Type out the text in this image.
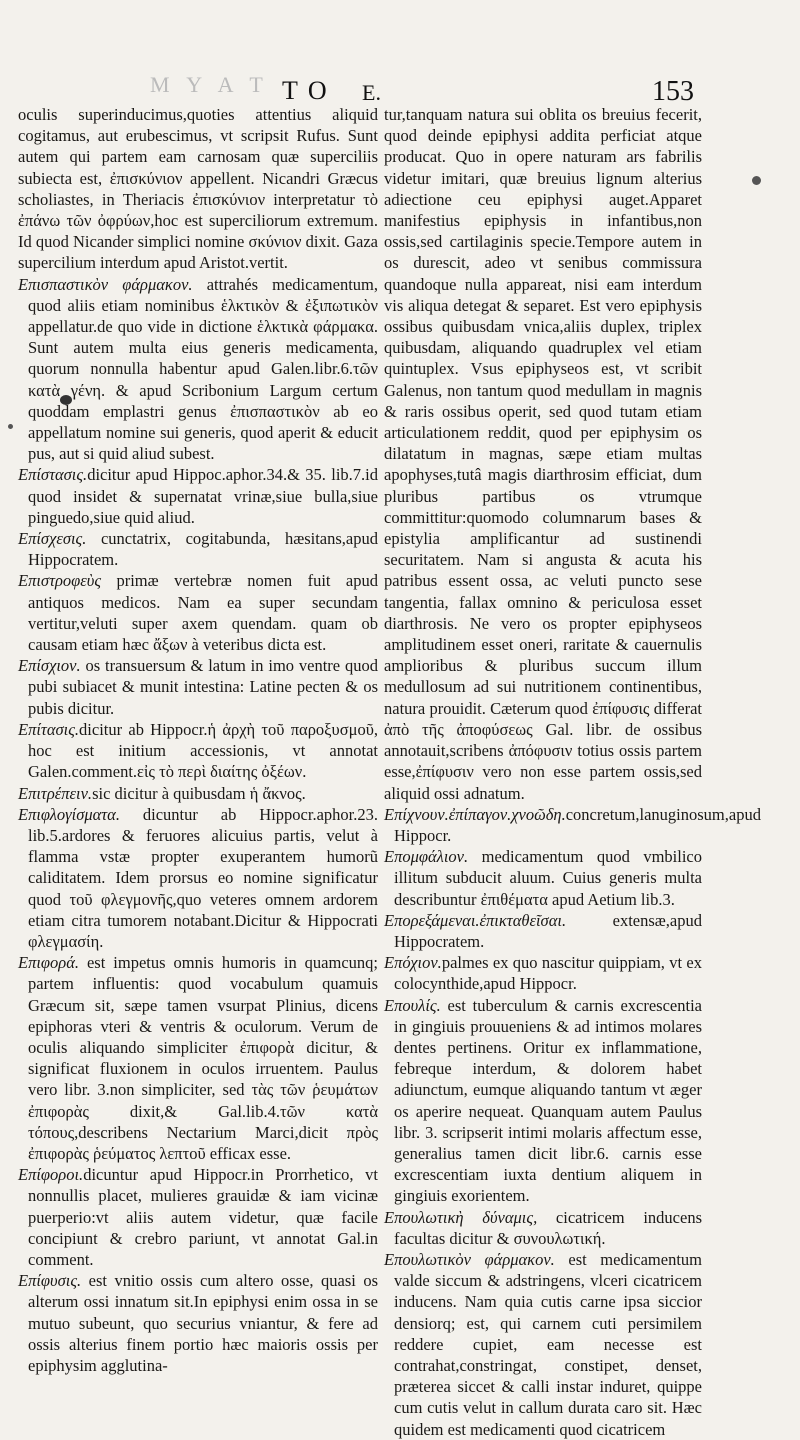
M Y A T T O E.	153

oculis superinducimus,quoties attentius aliquid cogitamus, aut erubescimus, vt scripsit Rufus. Sunt autem qui partem eam carnosam quæ superciliis subiecta est, ἐπισκύνιον appellent. Nicandri Græcus scholiastes, in Theriacis ἐπισκύνιον interpretatur τὸ ἐπάνω τῶν ὀφρύων,hoc est superciliorum extremum. Id quod Nicander simplici nomine σκύνιον dixit. Gaza supercilium interdum apud Aristot.vertit.

Επισπαστικὸν φάρμακον. attrahés medicamentum, quod aliis etiam nominibus ἑλκτικὸν & ἐξιπωτικὸν appellatur.de quo vide in dictione ἑλκτικὰ φάρμακα. Sunt autem multa eius generis medicamenta, quorum nonnulla habentur apud Galen.libr.6.τῶν κατὰ γένη. & apud Scribonium Largum certum quoddam emplastri genus ἐπισπαστικὸν ab eo appellatum nomine sui generis, quod aperit & educit pus, aut si quid aliud subest.

Επίστασις.dicitur apud Hippoc.aphor.34.& 35. lib.7.id quod insidet & supernatat vrinæ,siue bulla,siue pinguedo,siue quid aliud.

Επίσχεσις. cunctatrix, cogitabunda, hæsitans,apud Hippocratem.

Επιστροφεὺς primæ vertebræ nomen fuit apud antiquos medicos. Nam ea super secundam vertitur,veluti super axem quendam. quam ob causam etiam hæc ἄξων à veteribus dicta est.

Επίσχιον. os transuersum & latum in imo ventre quod pubi subiacet & munit intestina: Latine pecten & os pubis dicitur.

Επίτασις.dicitur ab Hippocr.ἡ ἀρχὴ τοῦ παροξυσμοῦ, hoc est initium accessionis, vt annotat Galen.comment.εἰς τὸ περὶ διαίτης ὀξέων.

Επιτρέπειν.sic dicitur à quibusdam ἡ ἄκνος.

Επιφλογίσματα. dicuntur ab Hippocr.aphor.23. lib.5.ardores & feruores alicuius partis, velut à flamma vstæ propter exuperantem humorũ caliditatem. Idem prorsus eo nomine significatur quod τοῦ φλεγμονῆς,quo veteres omnem ardorem etiam citra tumorem notabant.Dicitur & Hippocrati φλεγμασίη.

Επιφορά. est impetus omnis humoris in quamcunq; partem influentis: quod vocabulum quamuis Græcum sit, sæpe tamen vsurpat Plinius, dicens epiphoras vteri & ventris & oculorum. Verum de oculis aliquando simpliciter ἐπιφορὰ dicitur, & significat fluxionem in oculos irruentem. Paulus vero libr. 3.non simpliciter, sed τὰς τῶν ῥευμάτων ἐπιφορὰς dixit,& Gal.lib.4.τῶν κατὰ τόπους,describens Nectarium Marci,dicit πρὸς ἐπιφορὰς ῥεύματος λεπτοῦ efficax esse.

Επίφοροι.dicuntur apud Hippocr.in Prorrhetico, vt nonnullis placet, mulieres grauidæ & iam vicinæ puerperio:vt aliis autem videtur, quæ facile concipiunt & crebro pariunt, vt annotat Gal.in comment.

Επίφυσις. est vnitio ossis cum altero osse, quasi os alterum ossi innatum sit.In epiphysi enim ossa in se mutuo subeunt, quo securius vniantur, & fere ad ossis alterius finem portio hæc maioris ossis per epiphysim agglutina-

tur,tanquam natura sui oblita os breuius fecerit, quod deinde epiphysi addita perficiat atque producat. Quo in opere naturam ars fabrilis videtur imitari, quæ breuius lignum alterius adiectione ceu epiphysi auget.Apparet manifestius epiphysis in infantibus,non ossis,sed cartilaginis specie.Tempore autem in os durescit, adeo vt senibus commissura quandoque nulla appareat, nisi eam interdum vis aliqua detegat & separet. Est vero epiphysis ossibus quibusdam vnica,aliis duplex, triplex quibusdam, aliquando quadruplex vel etiam quintuplex. Vsus epiphyseos est, vt scribit Galenus, non tantum quod medullam in magnis & raris ossibus operit, sed quod tutam etiam articulationem reddit, quod per epiphysim os dilatatum in magnas, sæpe etiam multas apophyses,tutâ magis diarthrosim efficiat, dum pluribus partibus os vtrumque committitur:quomodo columnarum bases & epistylia amplificantur ad sustinendi securitatem. Nam si angusta & acuta his patribus essent ossa, ac veluti puncto sese tangentia, fallax omnino & periculosa esset diarthrosis. Ne vero os propter epiphyseos amplitudinem esset oneri, raritate & cauernulis amplioribus & pluribus succum illum medullosum ad sui nutritionem continentibus, natura prouidit. Cæterum quod ἐπίφυσις differat ἀπὸ τῆς ἀποφύσεως Gal. libr. de ossibus annotauit,scribens ἀπόφυσιν totius ossis partem esse,ἐπίφυσιν vero non esse partem ossis,sed aliquid ossi adnatum.

Επίχνουν.ἐπίπαγον.χνοῶδη.concretum,lanuginosum,apud Hippocr.

Επομφάλιον. medicamentum quod vmbilico illitum subducit aluum. Cuius generis multa describuntur ἐπιθέματα apud Aetium lib.3.

Επορεξάμεναι.ἐπικταθεῖσαι. extensæ,apud Hippocratem.

Επόχιον.palmes ex quo nascitur quippiam, vt ex colocynthide,apud Hippocr.

Επουλίς. est tuberculum & carnis excrescentia in gingiuis prouueniens & ad intimos molares dentes pertinens. Oritur ex inflammatione, febreque interdum, & dolorem habet adiunctum, eumque aliquando tantum vt æger os aperire nequeat. Quanquam autem Paulus libr. 3. scripserit intimi molaris affectum esse, generalius tamen dicit libr.6. carnis esse excrescentiam iuxta dentium aliquem in gingiuis exorientem.

Επουλωτικὴ δύναμις, cicatricem inducens facultas dicitur & συνουλωτική.

Επουλωτικὸν φάρμακον. est medicamentum valde siccum & adstringens, vlceri cicatricem inducens. Nam quia cutis carne ipsa siccior densiorq; est, qui carnem cuti persimilem reddere cupiet, eam necesse est contrahat,constringat, constipet, denset, præterea siccet & calli instar induret, quippe cum cutis velut in callum durata caro sit. Hæc quidem est medicamenti quod cicatricem
